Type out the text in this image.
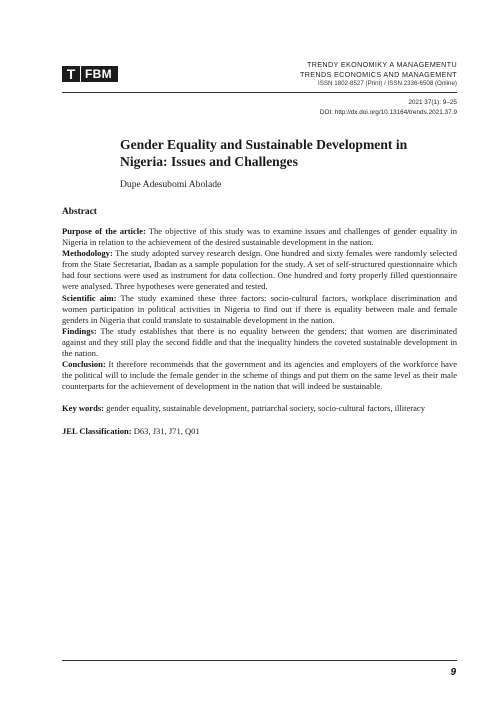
T FBM
TRENDY EKONOMIKY A MANAGEMENTU
TRENDS ECONOMICS AND MANAGEMENT
ISSN 1802-8527 (Print) / ISSN 2336-6508 (Online)
2021 37(1): 9–25
DOI: http://dx.doi.org/10.13164/trends.2021.37.9
Gender Equality and Sustainable Development in Nigeria: Issues and Challenges
Dupe Adesubomi Abolade
Abstract

Purpose of the article: The objective of this study was to examine issues and challenges of gender equality in Nigeria in relation to the achievement of the desired sustainable development in the nation.

Methodology: The study adopted survey research design. One hundred and sixty females were randomly selected from the State Secretariat, Ibadan as a sample population for the study. A set of self-structured questionnaire which had four sections were used as instrument for data collection. One hundred and forty properly filled questionnaire were analysed. Three hypotheses were generated and tested.

Scientific aim: The study examined these three factors: socio-cultural factors, workplace discrimination and women participation in political activities in Nigeria to find out if there is equality between male and female genders in Nigeria that could translate to sustainable development in the nation.

Findings: The study establishes that there is no equality between the genders; that women are discriminated against and they still play the second fiddle and that the inequality hinders the coveted sustainable development in the nation.

Conclusion: It therefore recommends that the government and its agencies and employers of the workforce have the political will to include the female gender in the scheme of things and put them on the same level as their male counterparts for the achievement of development in the nation that will indeed be sustainable.

Key words: gender equality, sustainable development, patriarchal society, socio-cultural factors, illiteracy

JEL Classification: D63, J31, J71, Q01

9
